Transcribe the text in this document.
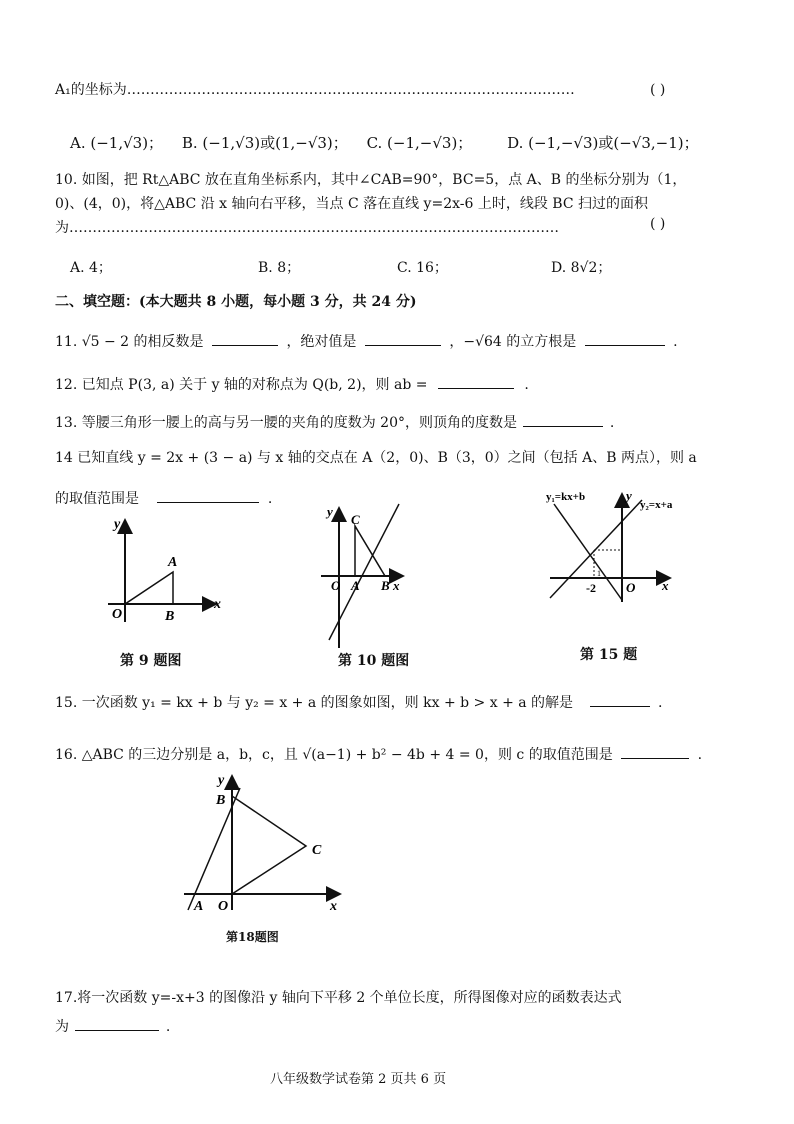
A₁的坐标为……………………………………………………………………………………	( )
A. (−1,√3)； B. (−1,√3)或(1,−√3)； C. (−1,−√3)； D. (−1,−√3)或(−√3,−1)；
10. 如图，把 Rt△ABC 放在直角坐标系内，其中∠CAB=90°，BC=5，点 A、B 的坐标分别为（1，
0)、(4，0)，将△ABC 沿 x 轴向右平移，当点 C 落在直线 y=2x-6 上时，线段 BC 扫过的面积
为……………………………………………………………………………………………	( )
A. 4；	B. 8；	C. 16；	D. 8√2；
二、填空题：(本大题共 8 小题，每小题 3 分，共 24 分)
11. √5 − 2 的相反数是	，绝对值是	，−√64 的立方根是	.
12. 已知点 P(3, a) 关于 y 轴的对称点为 Q(b, 2)，则 ab =	.
13. 等腰三角形一腰上的高与另一腰的夹角的度数为 20°，则顶角的度数是	.
14 已知直线 y = 2x + (3 − a) 与 x 轴的交点在 A（2，0)、B（3，0）之间（包括 A、B 两点），则 a
的取值范围是	.
y
x
O
A
B
第 9 题图
y
O A B x
C
第 10 题图
y₁=kx+b
y₂=x+a
y
x
O
-2
1
第 15 题
15. 一次函数 y₁ = kx + b 与 y₂ = x + a 的图象如图，则 kx + b > x + a 的解是	.
16. △ABC 的三边分别是 a，b，c，且 √(a−1) + b² − 4b + 4 = 0，则 c 的取值范围是	.
y
B
C
A O	x
第18题图
17.将一次函数 y=-x+3 的图像沿 y 轴向下平移 2 个单位长度，所得图像对应的函数表达式
为	.
八年级数学试卷第 2 页共 6 页
